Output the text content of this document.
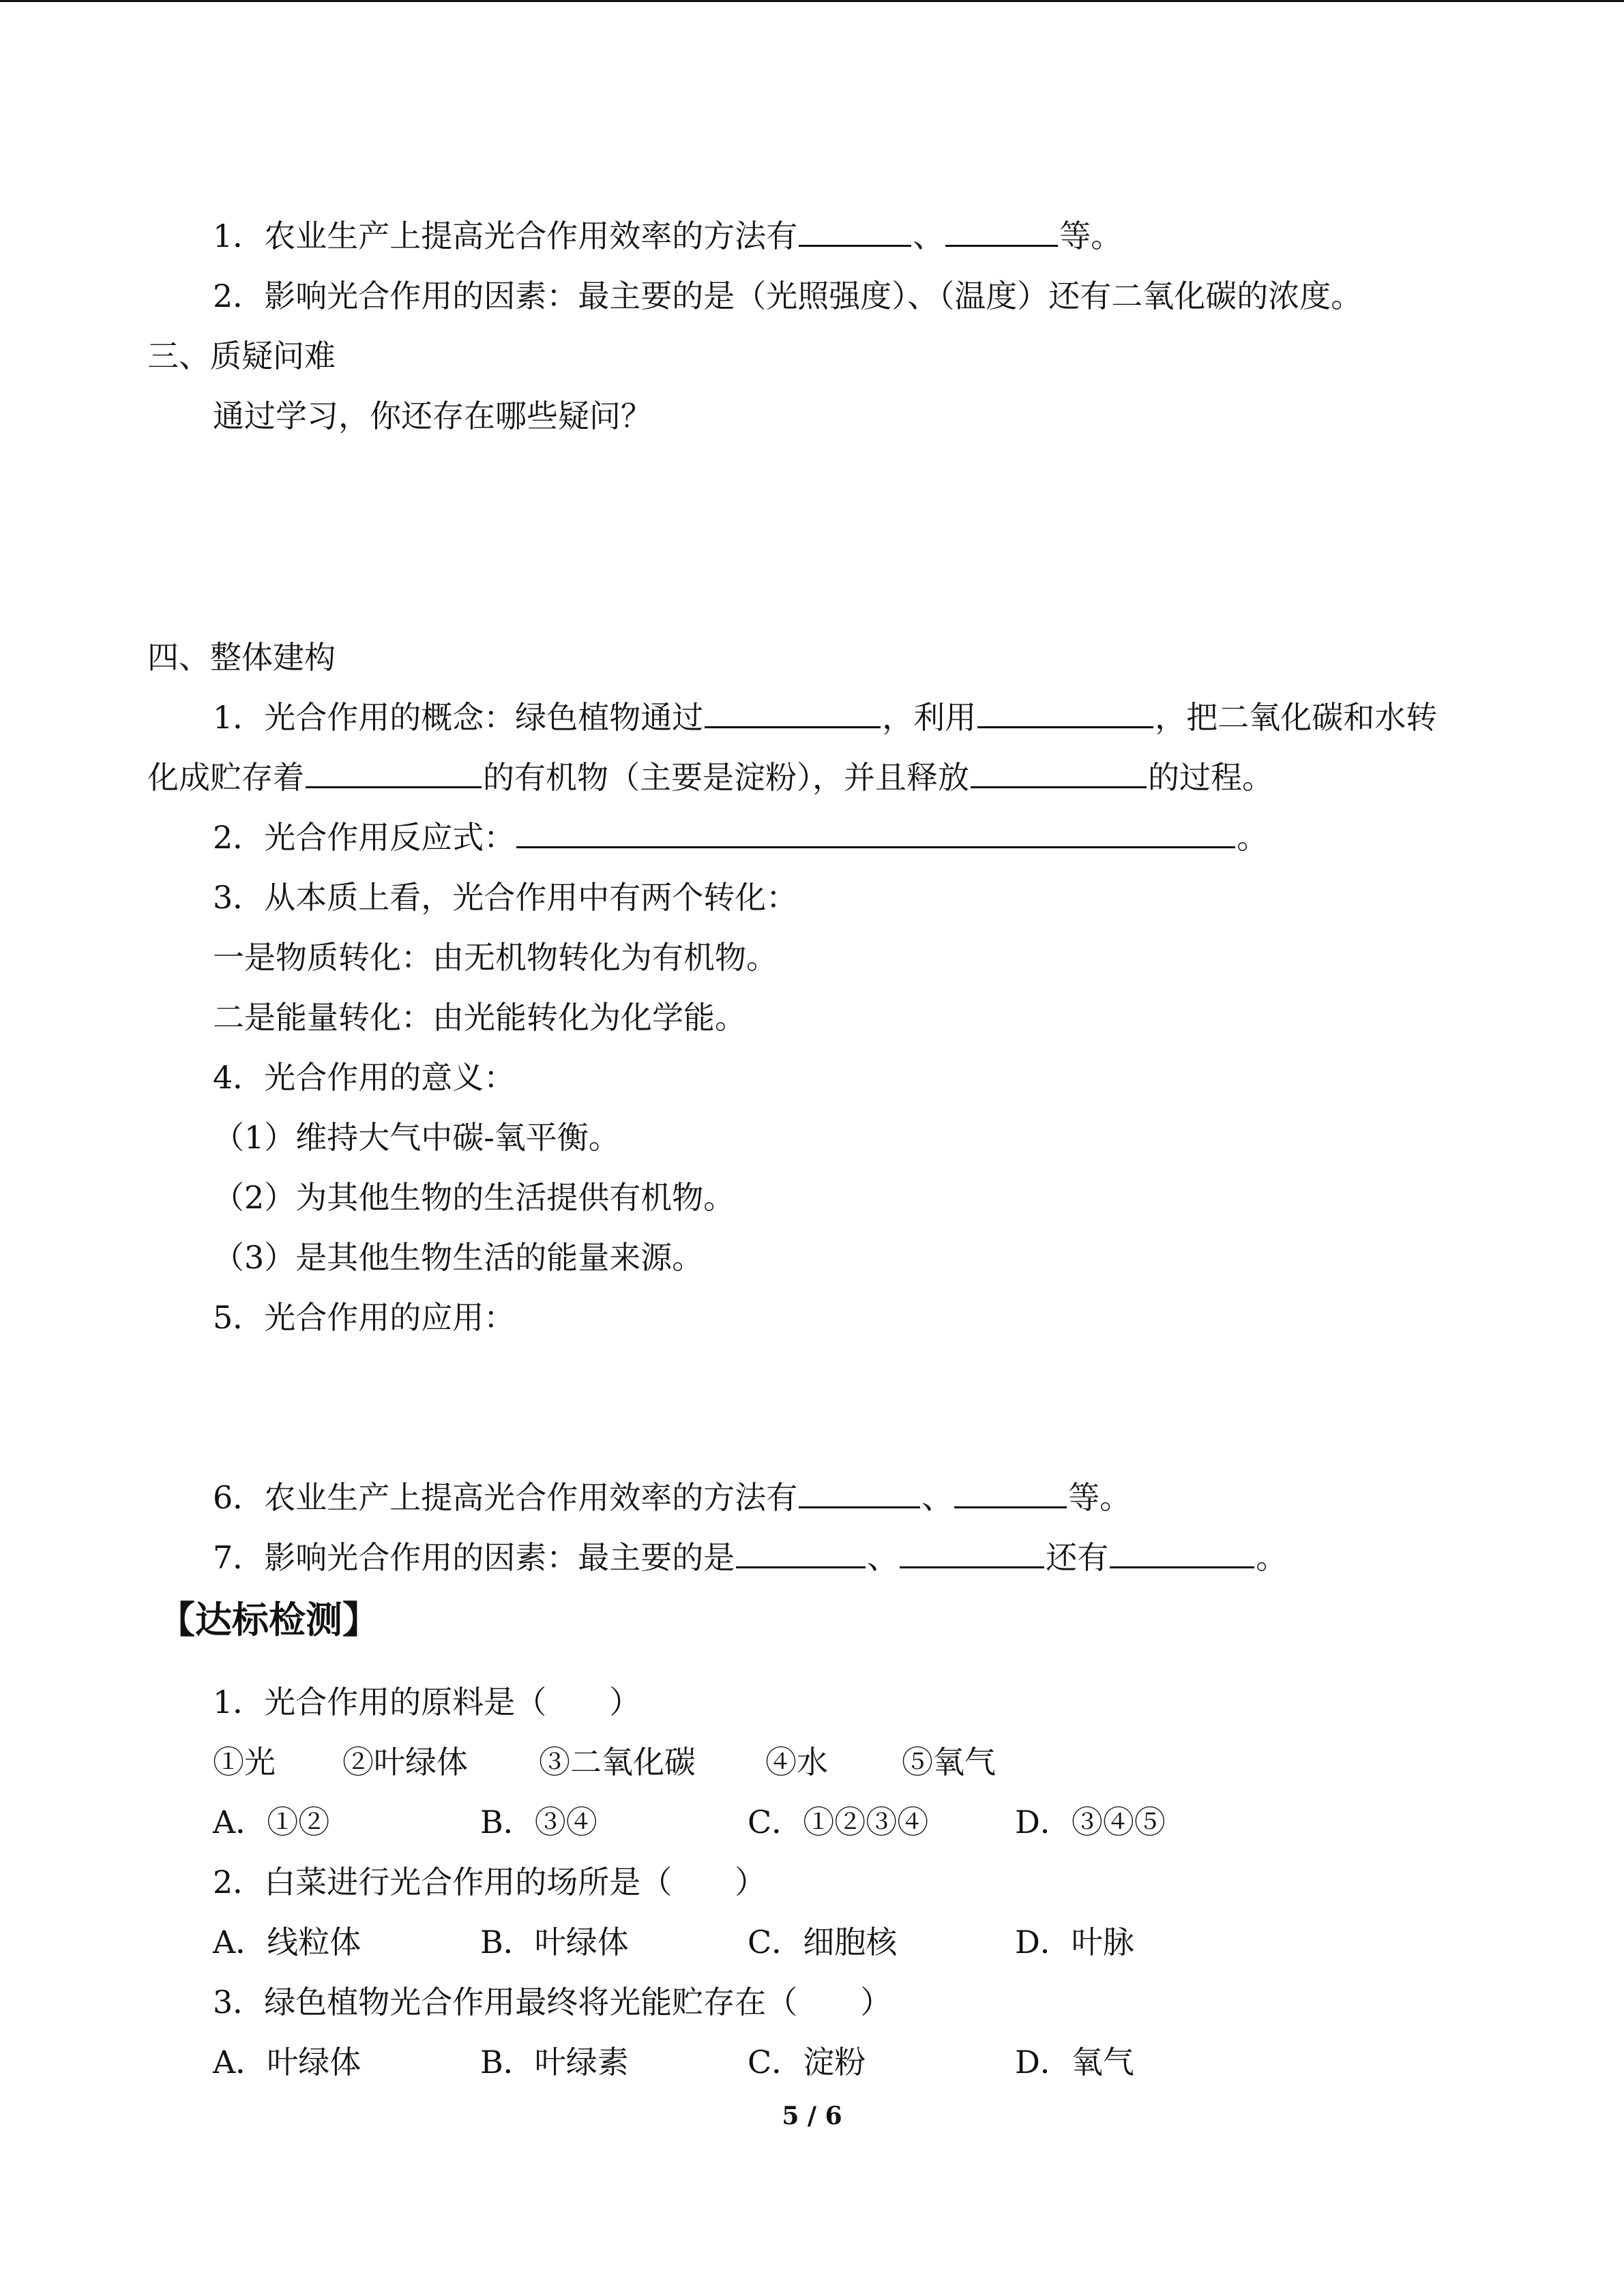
1．农业生产上提高光合作用效率的方法有	、	等。
2．影响光合作用的因素：最主要的是（光照强度）、（温度）还有二氧化碳的浓度。
三、质疑问难
通过学习，你还存在哪些疑问？
四、整体建构
1．光合作用的概念：绿色植物通过	，利用	，把二氧化碳和水转
化成贮存着	的有机物（主要是淀粉），并且释放	的过程。
2．光合作用反应式：	。
3．从本质上看，光合作用中有两个转化：
一是物质转化：由无机物转化为有机物。
二是能量转化：由光能转化为化学能。
4．光合作用的意义：
（1）维持大气中碳-氧平衡。
（2）为其他生物的生活提供有机物。
（3）是其他生物生活的能量来源。
5．光合作用的应用：
6．农业生产上提高光合作用效率的方法有	、	等。
7．影响光合作用的因素：最主要的是	、	还有	。
【达标检测】
1．光合作用的原料是（　　）
①光 ②叶绿体 ③二氧化碳 ④水 ⑤氧气
A．①②	B．③④	C．①②③④	D．③④⑤
2．白菜进行光合作用的场所是（　　）
A．线粒体	B．叶绿体	C．细胞核	D．叶脉
3．绿色植物光合作用最终将光能贮存在（　　）
A．叶绿体	B．叶绿素	C．淀粉	D．氧气
5 / 6
